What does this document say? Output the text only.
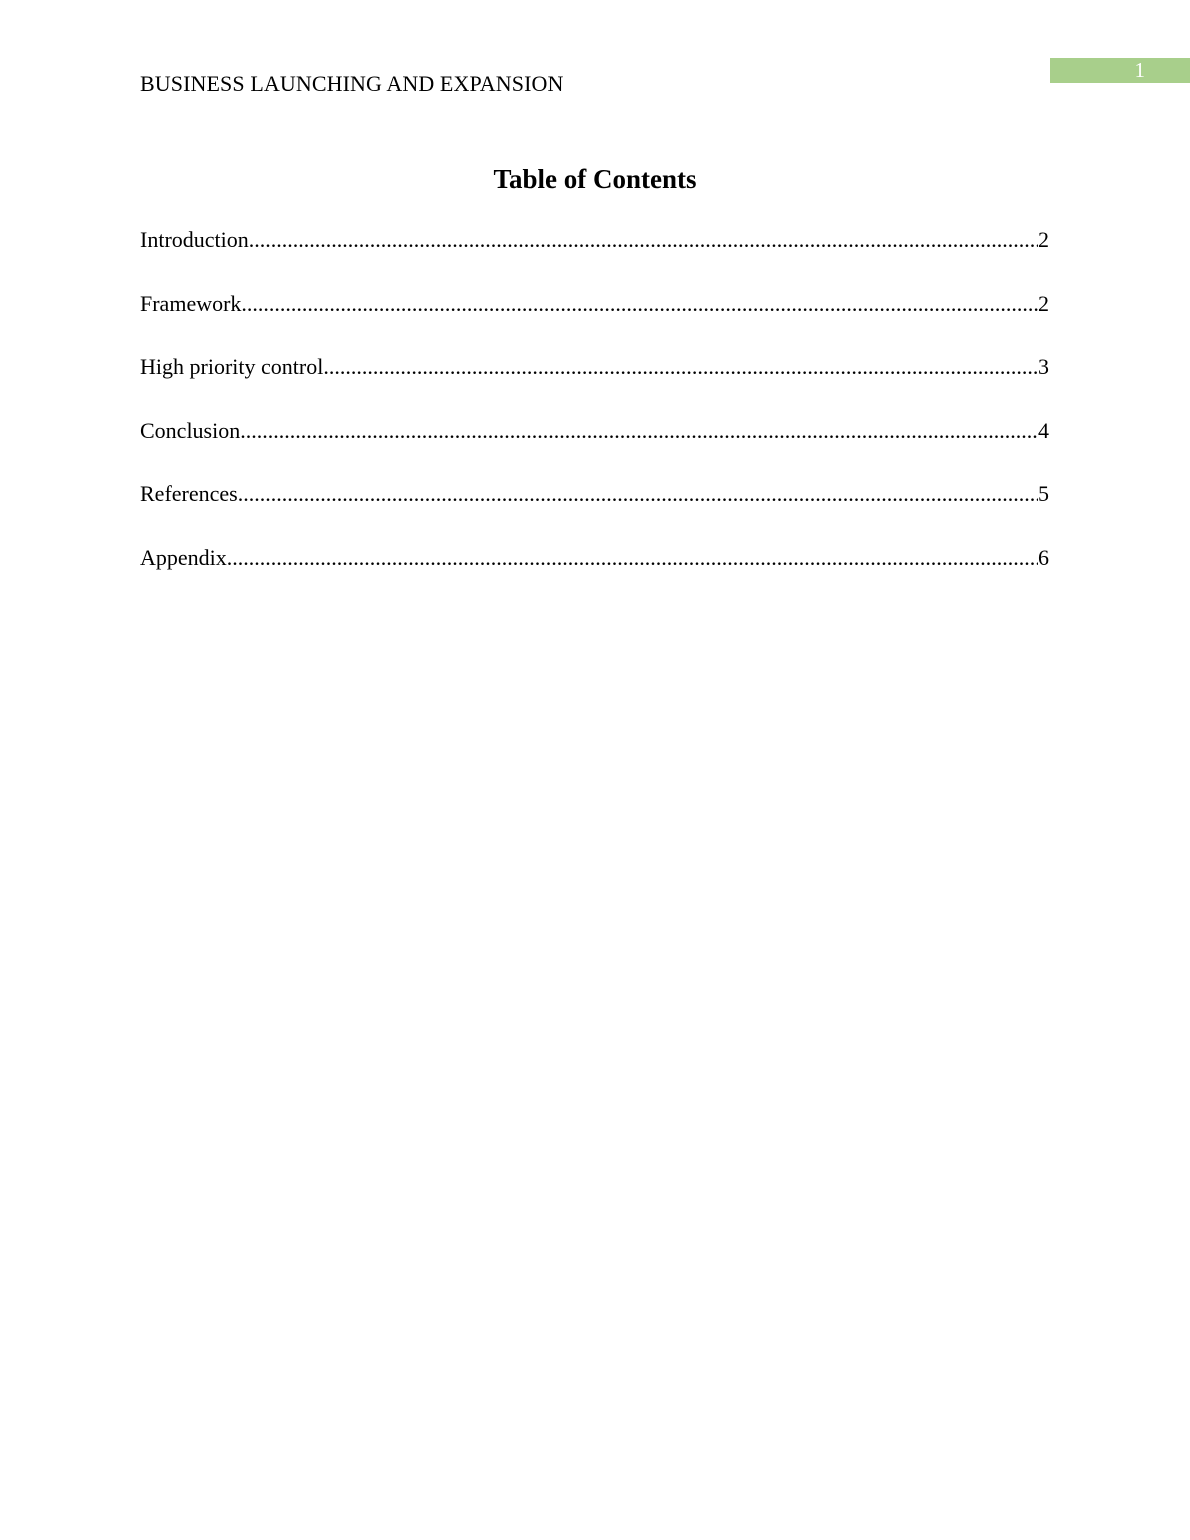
BUSINESS LAUNCHING AND EXPANSION
1
Table of Contents
Introduction .....	2
Framework .....	2
High priority control .....	3
Conclusion .....	4
References .....	5
Appendix .....	6
